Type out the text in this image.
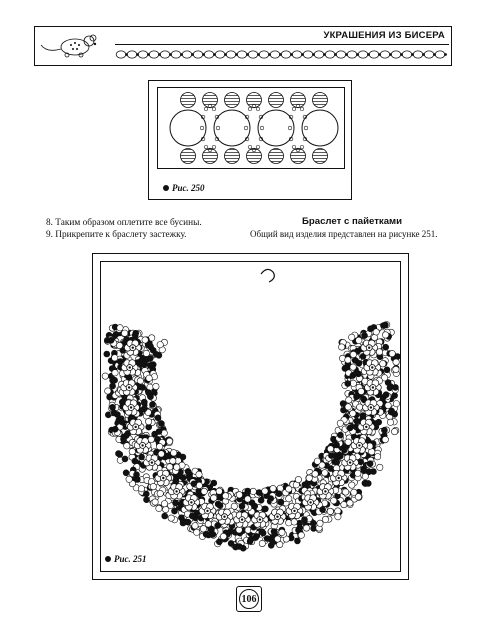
УКРАШЕНИЯ ИЗ БИСЕРА
Рис. 250
8. Таким образом оплетите все бусины.
9. Прикрепите к браслету застежку.
Браслет с пайетками
Общий вид изделия представлен на рисунке 251.
Рис. 251
106
